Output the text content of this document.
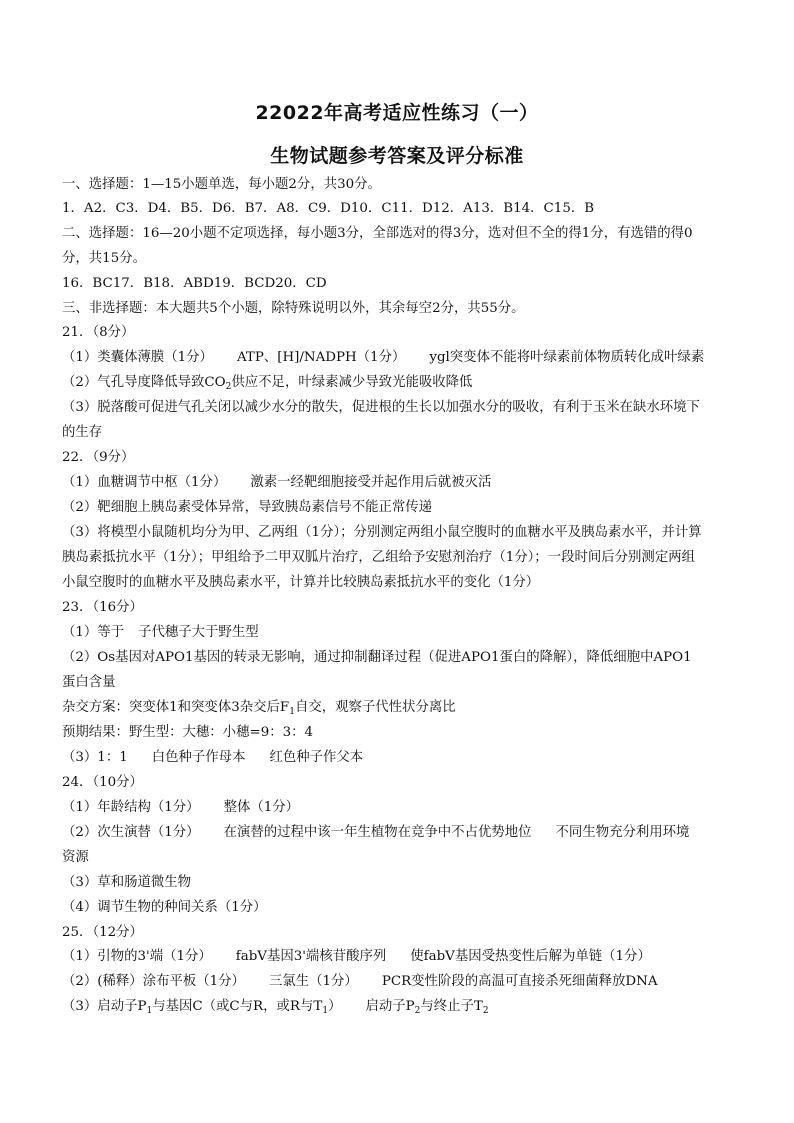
22022年高考适应性练习（一）
生物试题参考答案及评分标准
一、选择题：1—15小题单选，每小题2分，共30分。
1．A2．C3．D4．B5．D6．B7．A8．C9．D10．C11．D12．A13．B14．C15．B
二、选择题：16—20小题不定项选择，每小题3分，全部选对的得3分，选对但不全的得1分，有选错的得0
分，共15分。
16．BC17．B18．ABD19．BCD20．CD
三、非选择题：本大题共5个小题，除特殊说明以外，其余每空2分，共55分。
21．（8分）
（1）类囊体薄膜（1分） ATP、[H]/NADPH（1分） ygl突变体不能将叶绿素前体物质转化成叶绿素
（2）气孔导度降低导致$CO_2$供应不足，叶绿素减少导致光能吸收降低
（3）脱落酸可促进气孔关闭以减少水分的散失，促进根的生长以加强水分的吸收，有利于玉米在缺水环境下
的生存
22．（9分）
（1）血糖调节中枢（1分） 激素一经靶细胞接受并起作用后就被灭活
（2）靶细胞上胰岛素受体异常，导致胰岛素信号不能正常传递
（3）将模型小鼠随机均分为甲、乙两组（1分）；分别测定两组小鼠空腹时的血糖水平及胰岛素水平，并计算
胰岛素抵抗水平（1分）；甲组给予二甲双胍片治疗，乙组给予安慰剂治疗（1分）；一段时间后分别测定两组
小鼠空腹时的血糖水平及胰岛素水平，计算并比较胰岛素抵抗水平的变化（1分）
23．（16分）
（1）等于 子代穗子大于野生型
（2）Os基因对APO1基因的转录无影响，通过抑制翻译过程（促进APO1蛋白的降解），降低细胞中APO1
蛋白含量
杂交方案：突变体1和突变体3杂交后$F_1$自交，观察子代性状分离比
预期结果：野生型：大穗：小穗=9：3：4
（3）1：1 白色种子作母本 红色种子作父本
24．（10分）
（1）年龄结构（1分） 整体（1分）
（2）次生演替（1分） 在演替的过程中该一年生植物在竞争中不占优势地位 不同生物充分利用环境
资源
（3）草和肠道微生物
（4）调节生物的种间关系（1分）
25．（12分）
（1）引物的3'端（1分） fabV基因3'端核苷酸序列 使fabV基因受热变性后解为单链（1分）
（2）(稀释）涂布平板（1分） 三氯生（1分） PCR变性阶段的高温可直接杀死细菌释放DNA
（3）启动子$P_1$与基因C（或C与R，或R与$T_1$） 启动子$P_2$与终止子$T_2$
